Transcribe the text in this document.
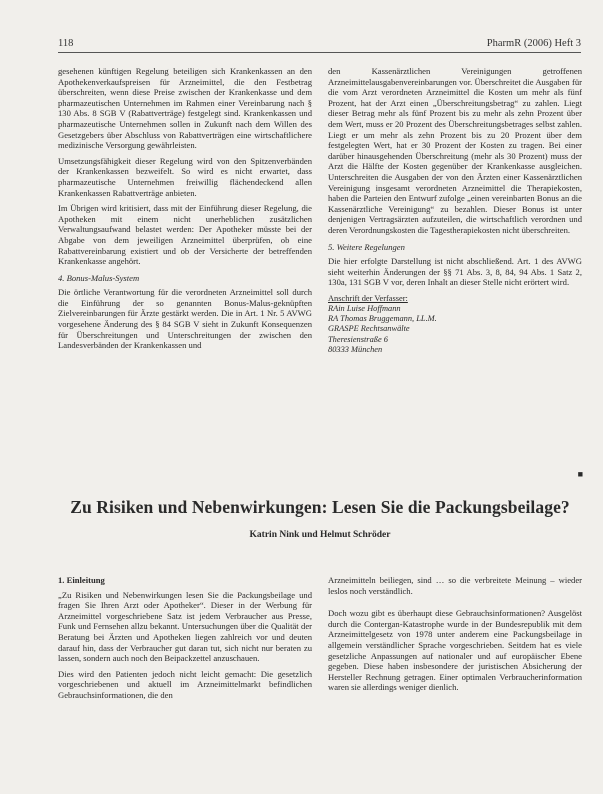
118	PharmR (2006) Heft 3

gesehenen künftigen Regelung beteiligen sich Krankenkassen an den Apothekenverkaufspreisen für Arzneimittel, die den Festbetrag überschreiten, wenn diese Preise zwischen der Krankenkasse und dem pharmazeutischen Unternehmen im Rahmen einer Vereinbarung nach § 130 Abs. 8 SGB V (Rabattverträge) festgelegt sind. Krankenkassen und pharmazeutische Unternehmen sollen in Zukunft nach dem Willen des Gesetzgebers über Abschluss von Rabattverträgen eine wirtschaftlichere medizinische Versorgung gewährleisten.

Umsetzungsfähigkeit dieser Regelung wird von den Spitzenverbänden der Krankenkassen bezweifelt. So wird es nicht erwartet, dass pharmazeutische Unternehmen freiwillig flächendeckend allen Krankenkassen Rabattverträge anbieten.

Im Übrigen wird kritisiert, dass mit der Einführung dieser Regelung, die Apotheken mit einem nicht unerheblichen zusätzlichen Verwaltungsaufwand belastet werden: Der Apotheker müsste bei der Abgabe von dem jeweiligen Arzneimittel überprüfen, ob eine Rabattvereinbarung existiert und ob der Versicherte der betreffenden Krankenkasse angehört.

4. Bonus-Malus-System

Die örtliche Verantwortung für die verordneten Arzneimittel soll durch die Einführung der so genannten Bonus-Malus-geknüpften Zielvereinbarungen für Ärzte gestärkt werden. Die in Art. 1 Nr. 5 AVWG vorgesehene Änderung des § 84 SGB V sieht in Zukunft Konsequenzen für Überschreitungen und Unterschreitungen der zwischen den Landesverbänden der Krankenkassen und

den Kassenärztlichen Vereinigungen getroffenen Arzneimittelausgabenvereinbarungen vor. Überschreitet die Ausgaben für die vom Arzt verordneten Arzneimittel die Kosten um mehr als fünf Prozent, hat der Arzt einen „Überschreitungsbetrag“ zu zahlen. Liegt dieser Betrag mehr als fünf Prozent bis zu mehr als zehn Prozent über dem Wert, muss er 20 Prozent des Überschreitungsbetrages selbst zahlen. Liegt er um mehr als zehn Prozent bis zu 20 Prozent über dem festgelegten Wert, hat er 30 Prozent der Kosten zu tragen. Bei einer darüber hinausgehenden Überschreitung (mehr als 30 Prozent) muss der Arzt die Hälfte der Kosten gegenüber der Krankenkasse ausgleichen. Unterschreiten die Ausgaben der von den Ärzten einer Kassenärztlichen Vereinigung insgesamt verordneten Arzneimittel die Therapiekosten, haben die Parteien den Entwurf zufolge „einen vereinbarten Bonus an die Kassenärztliche Vereinigung“ zu bezahlen. Dieser Bonus ist unter denjenigen Vertragsärzten aufzuteilen, die wirtschaftlich verordnen und deren Verordnungskosten die Tagestherapiekosten nicht überschreiten.

5. Weitere Regelungen

Die hier erfolgte Darstellung ist nicht abschließend. Art. 1 des AVWG sieht weiterhin Änderungen der §§ 71 Abs. 3, 8, 84, 94 Abs. 1 Satz 2, 130a, 131 SGB V vor, deren Inhalt an dieser Stelle nicht erörtert wird.

Anschrift der Verfasser:
RAin Luise Hoffmann
RA Thomas Bruggemann, LL.M.
GRASPE Rechtsanwälte
Theresienstraße 6
80333 München
■
Zu Risiken und Nebenwirkungen: Lesen Sie die Packungsbeilage?
Katrin Nink und Helmut Schröder
1. Einleitung

„Zu Risiken und Nebenwirkungen lesen Sie die Packungsbeilage und fragen Sie Ihren Arzt oder Apotheker“. Dieser in der Werbung für Arzneimittel vorgeschriebene Satz ist jedem Verbraucher aus Presse, Funk und Fernsehen allzu bekannt. Untersuchungen über die Qualität der Beratung bei Ärzten und Apotheken liegen zahlreich vor und deuten darauf hin, dass der Verbraucher gut daran tut, sich nicht nur beraten zu lassen, sondern auch noch den Beipackzettel anzuschauen.

Dies wird den Patienten jedoch nicht leicht gemacht: Die gesetzlich vorgeschriebenen und aktuell im Arzneimittelmarkt befindlichen Gebrauchsinformationen, die den

Arzneimitteln beiliegen, sind … so die verbreitete Meinung – wieder leslos noch verständlich.

Doch wozu gibt es überhaupt diese Gebrauchsinformationen? Ausgelöst durch die Contergan-Katastrophe wurde in der Bundesrepublik mit dem Arzneimittelgesetz von 1978 unter anderem eine Packungsbeilage in allgemein verständlicher Sprache vorgeschrieben. Seitdem hat es viele gesetzliche Anpassungen auf nationaler und auf europäischer Ebene gegeben. Diese haben insbesondere der juristischen Absicherung der Hersteller Rechnung getragen. Einer optimalen Verbraucherinformation waren sie allerdings weniger dienlich.
